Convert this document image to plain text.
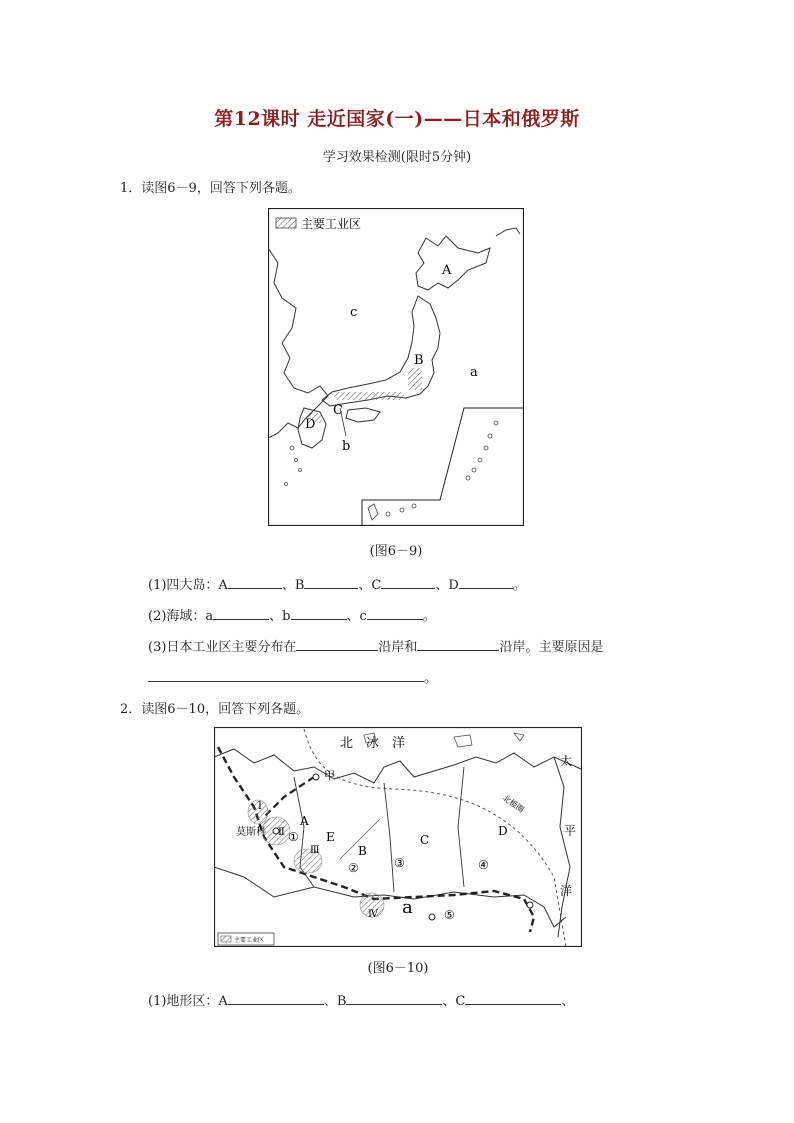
第12课时 走近国家(一)——日本和俄罗斯
学习效果检测(限时5分钟)
1．读图6－9，回答下列各题。
主要工业区
A
B
C
D
a
b
c
(图6－9)
(1)四大岛：A	、B	、C	、D	。
(2)海域：a	、b	、c	。
(3)日本工业区主要分布在	沿岸和	沿岸。主要原因是
。
2．读图6－10，回答下列各题。
北极圈
主要工业区
北　冰　洋
太
平
洋
甲
莫斯科
A
B
C
D
E
a
①
②	③	④
⑤
Ⅰ
Ⅱ
Ⅲ
Ⅳ
(图6－10)
(1)地形区：A	、B	、C	、
